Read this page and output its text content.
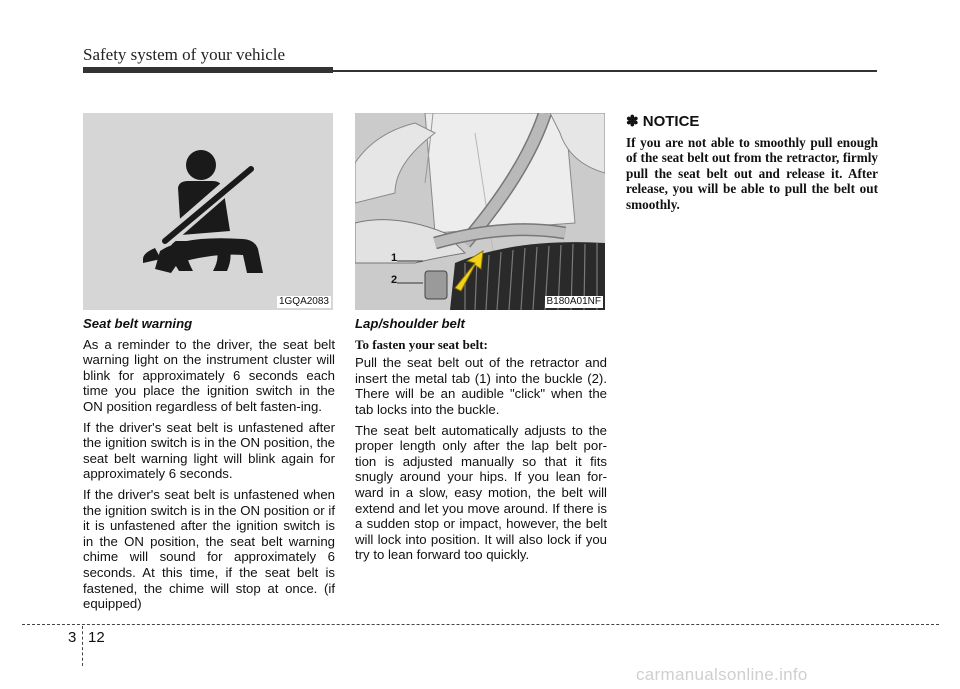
Safety system of your vehicle
1GQA2083
1
2
B180A01NF

Seat belt warning

As a reminder to the driver, the seat belt warning light on the instrument cluster will blink for approximately 6 seconds each time you place the ignition switch in the ON position regardless of belt fasten-ing.

If the driver's seat belt is unfastened after the ignition switch is in the ON position, the seat belt warning light will blink again for approximately 6 seconds.

If the driver's seat belt is unfastened when the ignition switch is in the ON position or if it is unfastened after the ignition switch is in the ON position, the seat belt warning chime will sound for approximately 6 seconds. At this time, if the seat belt is fastened, the chime will stop at once. (if equipped)

Lap/shoulder belt

To fasten your seat belt:

Pull the seat belt out of the retractor and insert the metal tab (1) into the buckle (2). There will be an audible "click" when the tab locks into the buckle.

The seat belt automatically adjusts to the proper length only after the lap belt por-tion is adjusted manually so that it fits snugly around your hips. If you lean for-ward in a slow, easy motion, the belt will extend and let you move around. If there is a sudden stop or impact, however, the belt will lock into position. It will also lock if you try to lean forward too quickly.

✽ NOTICE

If you are not able to smoothly pull enough of the seat belt out from the retractor, firmly pull the seat belt out and release it. After release, you will be able to pull the belt out smoothly.

3 12
carmanualsonline.info
